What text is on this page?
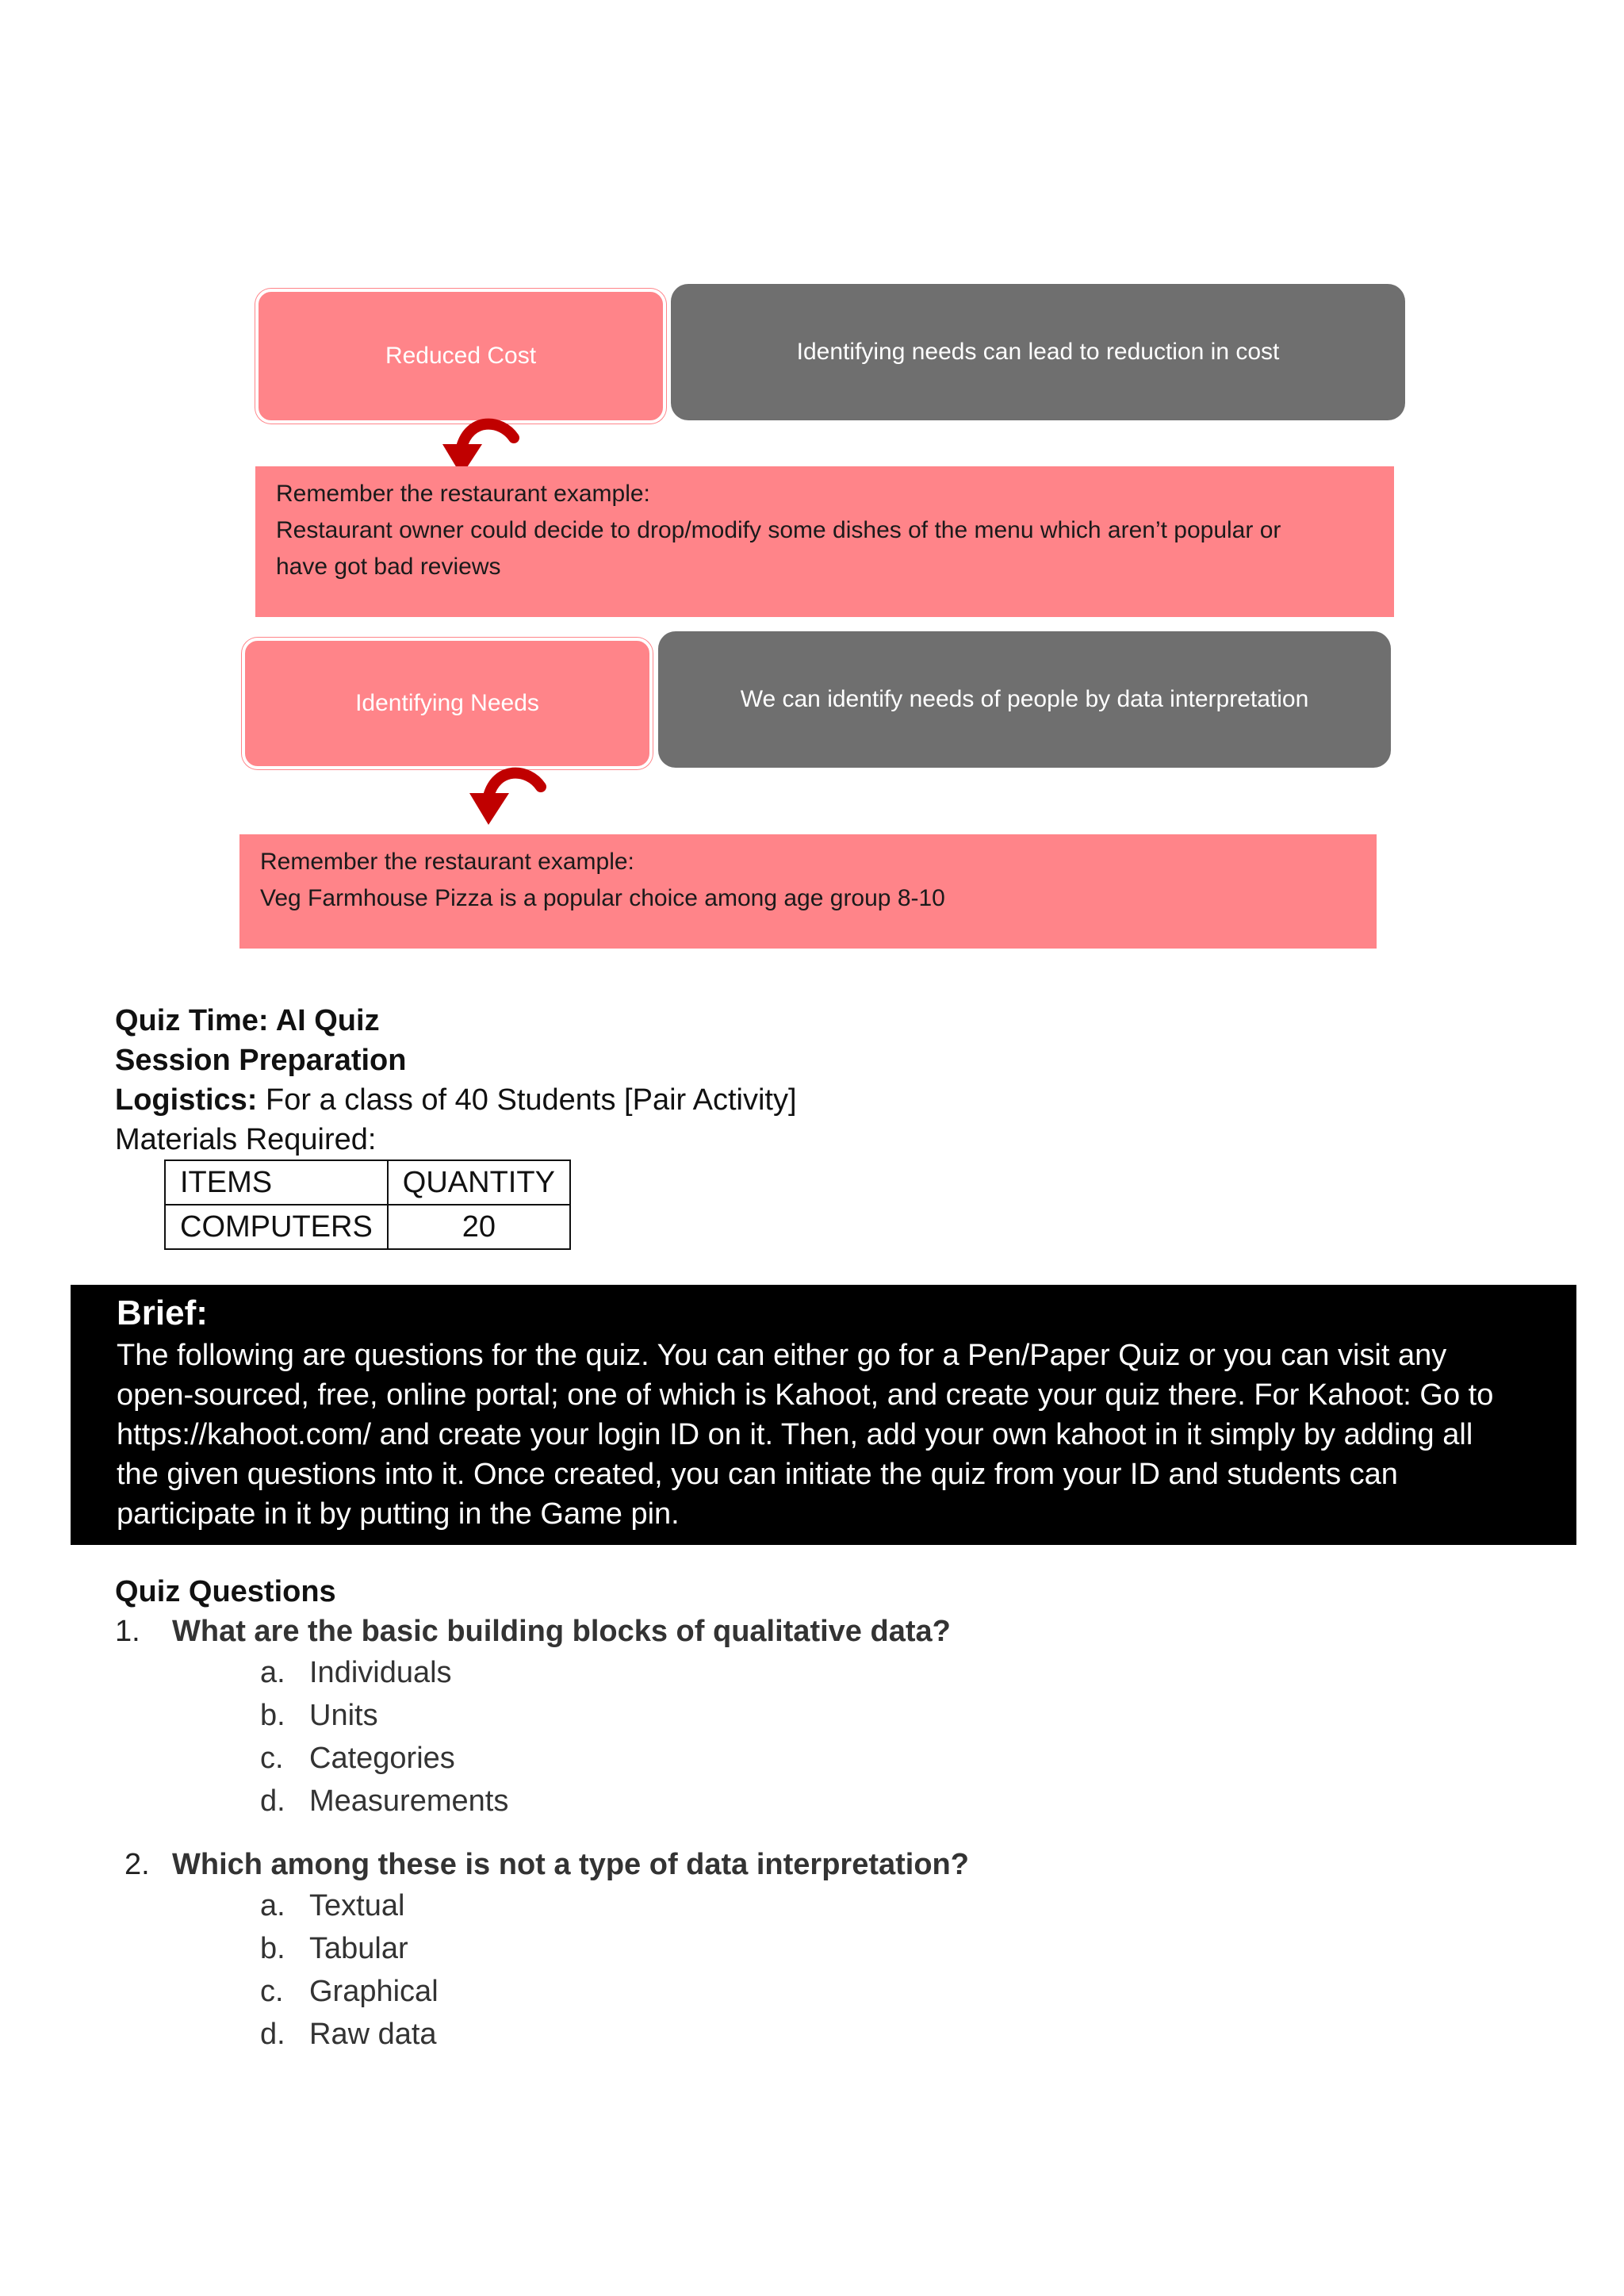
Reduced Cost	Identifying needs can lead to reduction in cost

Remember the restaurant example:

Restaurant owner could decide to drop/modify some dishes of the menu which aren’t popular or

have got bad reviews

Identifying Needs	We can identify needs of people by data interpretation

Remember the restaurant example:

Veg Farmhouse Pizza is a popular choice among age group 8-10

Quiz Time: AI Quiz
Session Preparation
Logistics: For a class of 40 Students [Pair Activity]
Materials Required:
ITEMS	QUANTITY
COMPUTERS	20
Brief:
The following are questions for the quiz. You can either go for a Pen/Paper Quiz or you can visit any
open-sourced, free, online portal; one of which is Kahoot, and create your quiz there. For Kahoot: Go to
https://kahoot.com/ and create your login ID on it. Then, add your own kahoot in it simply by adding all
the given questions into it. Once created, you can initiate the quiz from your ID and students can
participate in it by putting in the Game pin.
Quiz Questions
1. What are the basic building blocks of qualitative data?
a. Individuals
b. Units
c. Categories
d. Measurements
2. Which among these is not a type of data interpretation?
a. Textual
b. Tabular
c. Graphical
d. Raw data
